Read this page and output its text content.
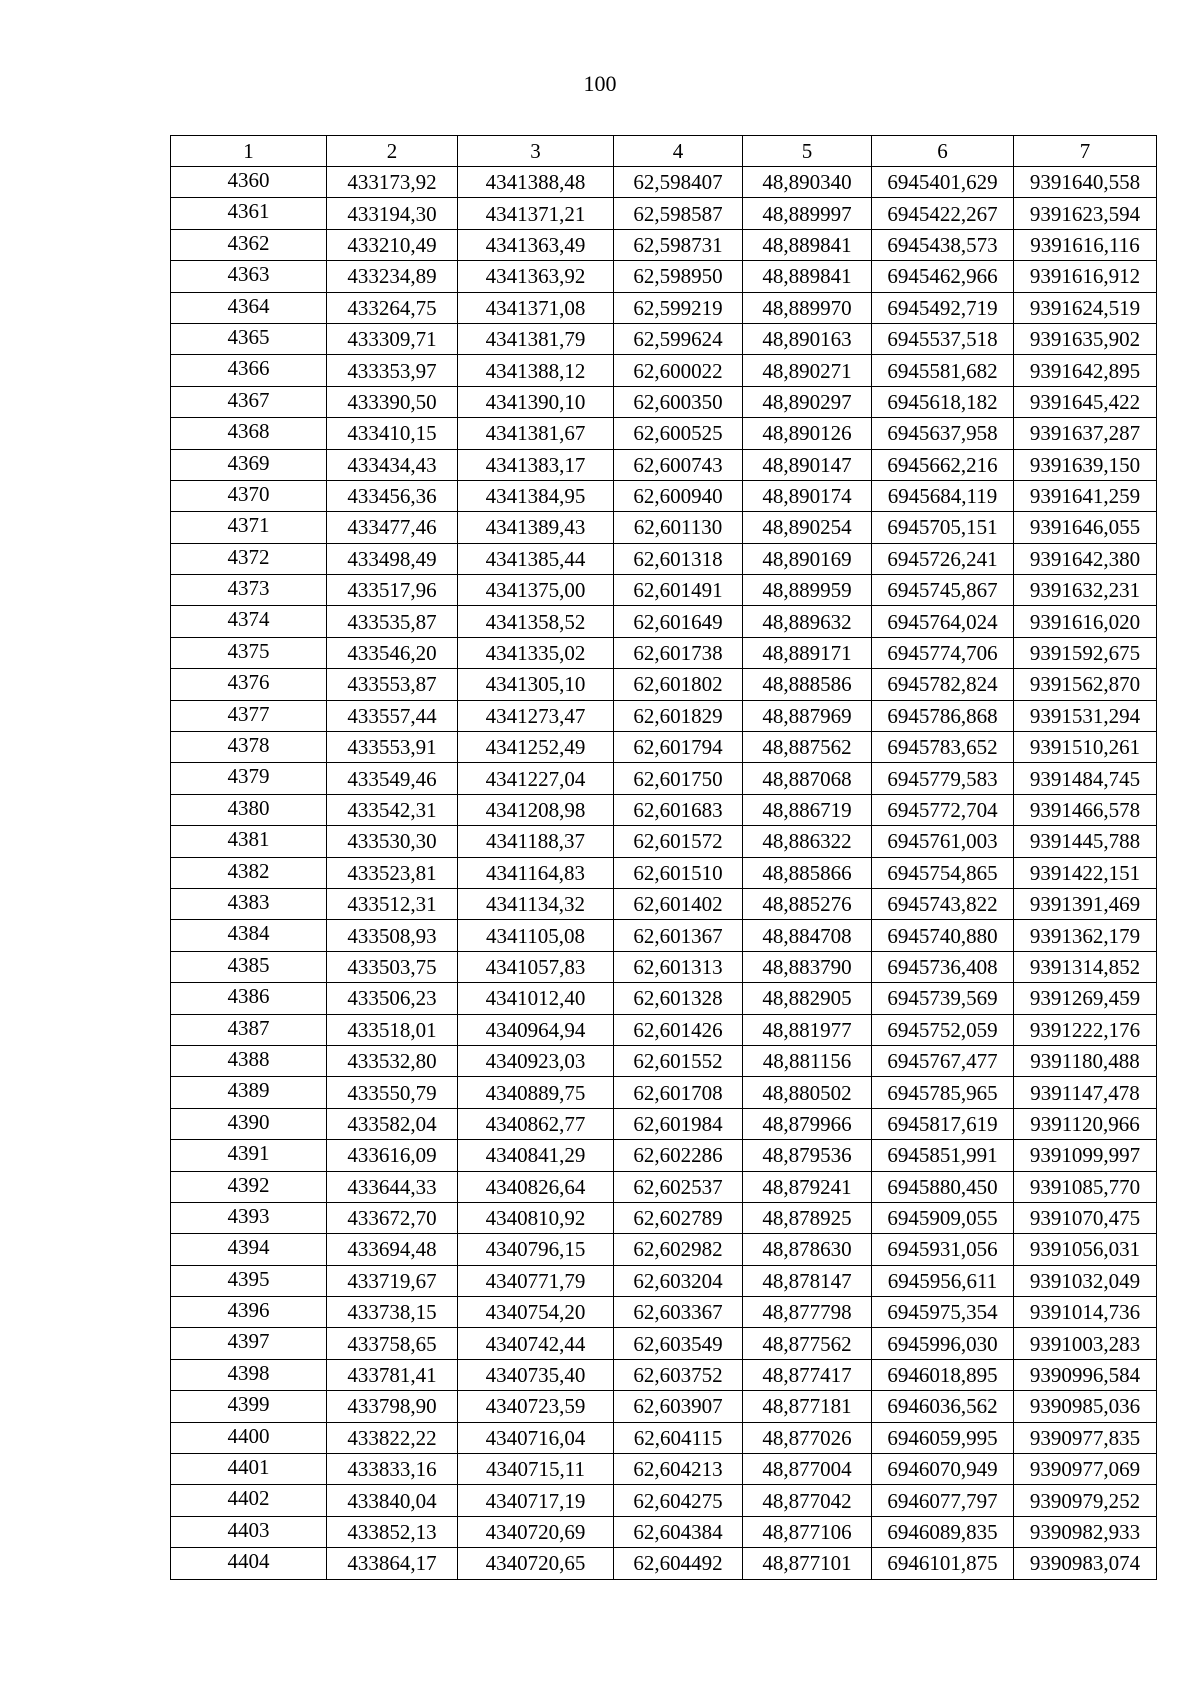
100
1	2	3	4	5	6	7
4360	433173,92	4341388,48	62,598407	48,890340	6945401,629	9391640,558
4361	433194,30	4341371,21	62,598587	48,889997	6945422,267	9391623,594
4362	433210,49	4341363,49	62,598731	48,889841	6945438,573	9391616,116
4363	433234,89	4341363,92	62,598950	48,889841	6945462,966	9391616,912
4364	433264,75	4341371,08	62,599219	48,889970	6945492,719	9391624,519
4365	433309,71	4341381,79	62,599624	48,890163	6945537,518	9391635,902
4366	433353,97	4341388,12	62,600022	48,890271	6945581,682	9391642,895
4367	433390,50	4341390,10	62,600350	48,890297	6945618,182	9391645,422
4368	433410,15	4341381,67	62,600525	48,890126	6945637,958	9391637,287
4369	433434,43	4341383,17	62,600743	48,890147	6945662,216	9391639,150
4370	433456,36	4341384,95	62,600940	48,890174	6945684,119	9391641,259
4371	433477,46	4341389,43	62,601130	48,890254	6945705,151	9391646,055
4372	433498,49	4341385,44	62,601318	48,890169	6945726,241	9391642,380
4373	433517,96	4341375,00	62,601491	48,889959	6945745,867	9391632,231
4374	433535,87	4341358,52	62,601649	48,889632	6945764,024	9391616,020
4375	433546,20	4341335,02	62,601738	48,889171	6945774,706	9391592,675
4376	433553,87	4341305,10	62,601802	48,888586	6945782,824	9391562,870
4377	433557,44	4341273,47	62,601829	48,887969	6945786,868	9391531,294
4378	433553,91	4341252,49	62,601794	48,887562	6945783,652	9391510,261
4379	433549,46	4341227,04	62,601750	48,887068	6945779,583	9391484,745
4380	433542,31	4341208,98	62,601683	48,886719	6945772,704	9391466,578
4381	433530,30	4341188,37	62,601572	48,886322	6945761,003	9391445,788
4382	433523,81	4341164,83	62,601510	48,885866	6945754,865	9391422,151
4383	433512,31	4341134,32	62,601402	48,885276	6945743,822	9391391,469
4384	433508,93	4341105,08	62,601367	48,884708	6945740,880	9391362,179
4385	433503,75	4341057,83	62,601313	48,883790	6945736,408	9391314,852
4386	433506,23	4341012,40	62,601328	48,882905	6945739,569	9391269,459
4387	433518,01	4340964,94	62,601426	48,881977	6945752,059	9391222,176
4388	433532,80	4340923,03	62,601552	48,881156	6945767,477	9391180,488
4389	433550,79	4340889,75	62,601708	48,880502	6945785,965	9391147,478
4390	433582,04	4340862,77	62,601984	48,879966	6945817,619	9391120,966
4391	433616,09	4340841,29	62,602286	48,879536	6945851,991	9391099,997
4392	433644,33	4340826,64	62,602537	48,879241	6945880,450	9391085,770
4393	433672,70	4340810,92	62,602789	48,878925	6945909,055	9391070,475
4394	433694,48	4340796,15	62,602982	48,878630	6945931,056	9391056,031
4395	433719,67	4340771,79	62,603204	48,878147	6945956,611	9391032,049
4396	433738,15	4340754,20	62,603367	48,877798	6945975,354	9391014,736
4397	433758,65	4340742,44	62,603549	48,877562	6945996,030	9391003,283
4398	433781,41	4340735,40	62,603752	48,877417	6946018,895	9390996,584
4399	433798,90	4340723,59	62,603907	48,877181	6946036,562	9390985,036
4400	433822,22	4340716,04	62,604115	48,877026	6946059,995	9390977,835
4401	433833,16	4340715,11	62,604213	48,877004	6946070,949	9390977,069
4402	433840,04	4340717,19	62,604275	48,877042	6946077,797	9390979,252
4403	433852,13	4340720,69	62,604384	48,877106	6946089,835	9390982,933
4404	433864,17	4340720,65	62,604492	48,877101	6946101,875	9390983,074
